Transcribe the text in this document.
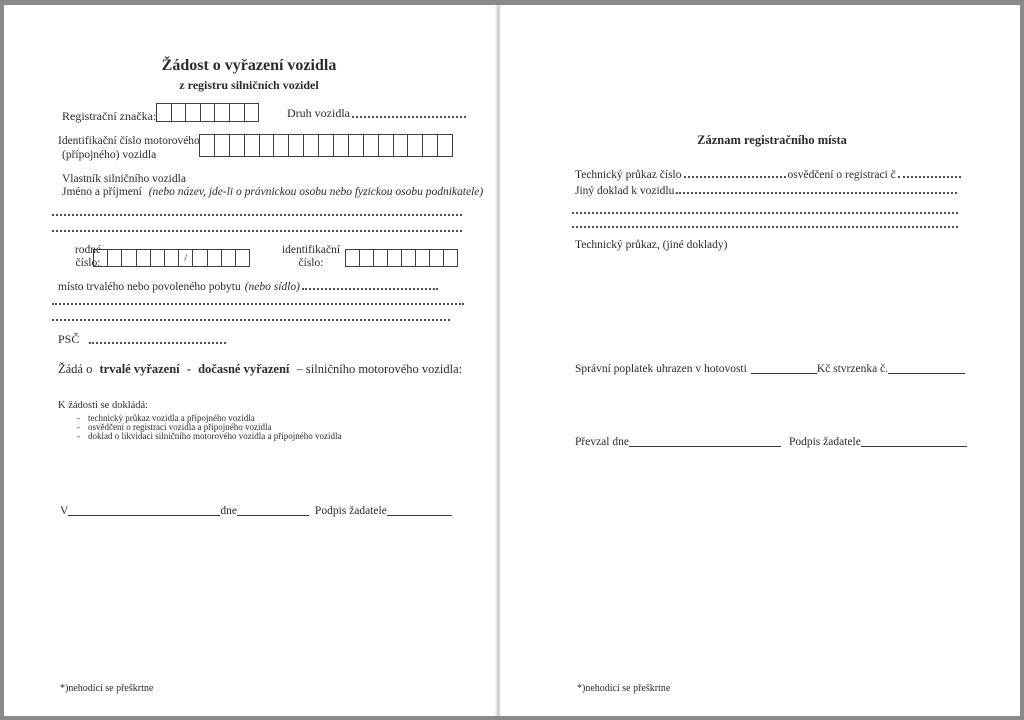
Žádost o vyřazení vozidla
z registru silničních vozidel
Registrační značka:	Druh vozidla
Identifikační číslo motorového
(přípojného) vozidla
Vlastník silničního vozidla
Jméno a příjmení (nebo název, jde-li o právnickou osobu nebo fyzickou osobu podnikatele)
rodné
číslo:	/
identifikační
číslo:
místo trvalého nebo povoleného pobytu (nebo sídlo)
PSČ
Žádá o trvalé vyřazení - dočasné vyřazení – silničního motorového vozidla:
K žádosti se dokládá:
- technický průkaz vozidla a přípojného vozidla
- osvědčení o registraci vozidla a přípojného vozidla
- doklad o likvidaci silničního motorového vozidla a přípojného vozidla
V	dne	Podpis žadatele
*)nehodící se přeškrtne
Záznam registračního místa
Technický průkaz číslo	osvědčení o registraci č
Jiný doklad k vozidlu
Technický průkaz, (jiné doklady)
Správní poplatek uhrazen v hotovosti	Kč stvrzenka č.
Převzal dne	Podpis žadatele
*)nehodící se přeškrtne
